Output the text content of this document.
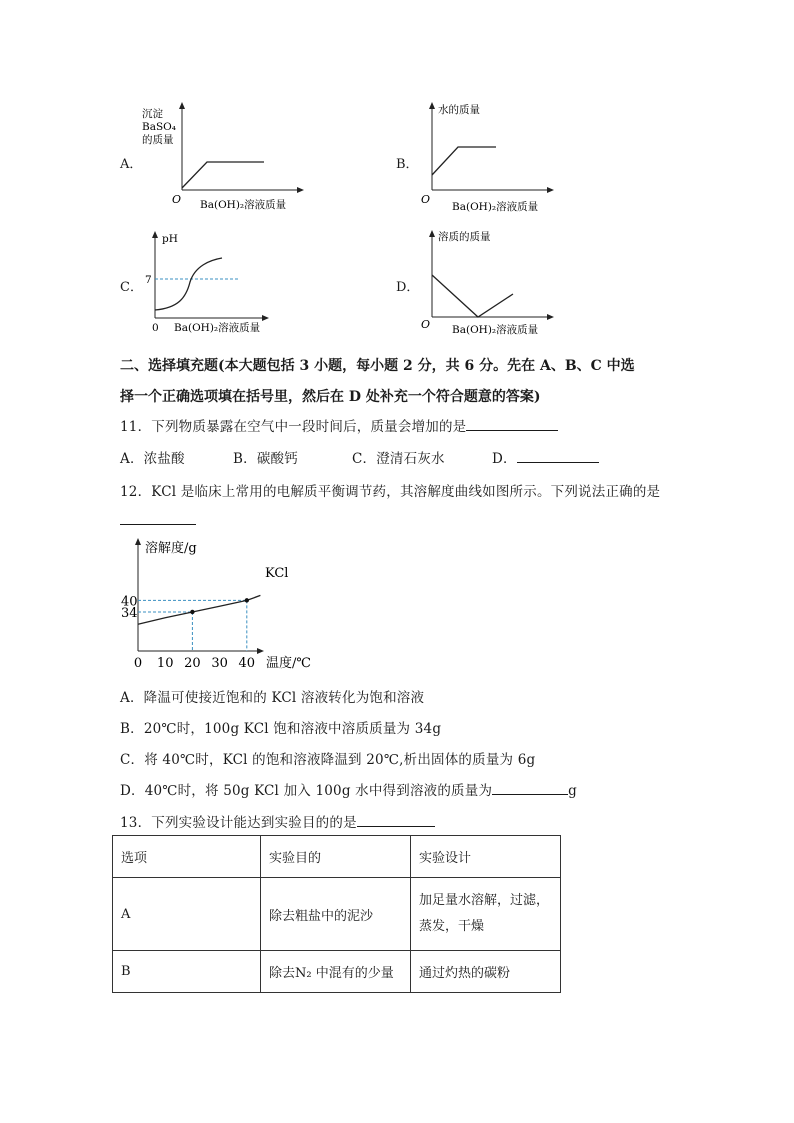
A．
沉淀
BaSO₄
的质量
O Ba(OH)₂溶液质量
B．
水的质量
O
Ba(OH)₂溶液质量
C．
pH
7
0 Ba(OH)₂溶液质量
D．
溶质的质量
O Ba(OH)₂溶液质量
二、选择填充题(本大题包括 3 小题，每小题 2 分，共 6 分。先在 A、B、C 中选
择一个正确选项填在括号里，然后在 D 处补充一个符合题意的答案)
11．下列物质暴露在空气中一段时间后，质量会增加的是
A．浓盐酸	B．碳酸钙	C．澄清石灰水	D．
12．KCl 是临床上常用的电解质平衡调节药，其溶解度曲线如图所示。下列说法正确的是
溶解度/g
温度/℃
KCl
34
40
0 10 20 30 40
A．降温可使接近饱和的 KCl 溶液转化为饱和溶液
B．20℃时，100g KCl 饱和溶液中溶质质量为 34g
C．将 40℃时，KCl 的饱和溶液降温到 20℃,析出固体的质量为 6g
D．40℃时，将 50g KCl 加入 100g 水中得到溶液的质量为	g
13．下列实验设计能达到实验目的的是
选项	实验目的	实验设计
A	除去粗盐中的泥沙	加足量水溶解，过滤，蒸发，干燥
B	除去N₂ 中混有的少量	通过灼热的碳粉
